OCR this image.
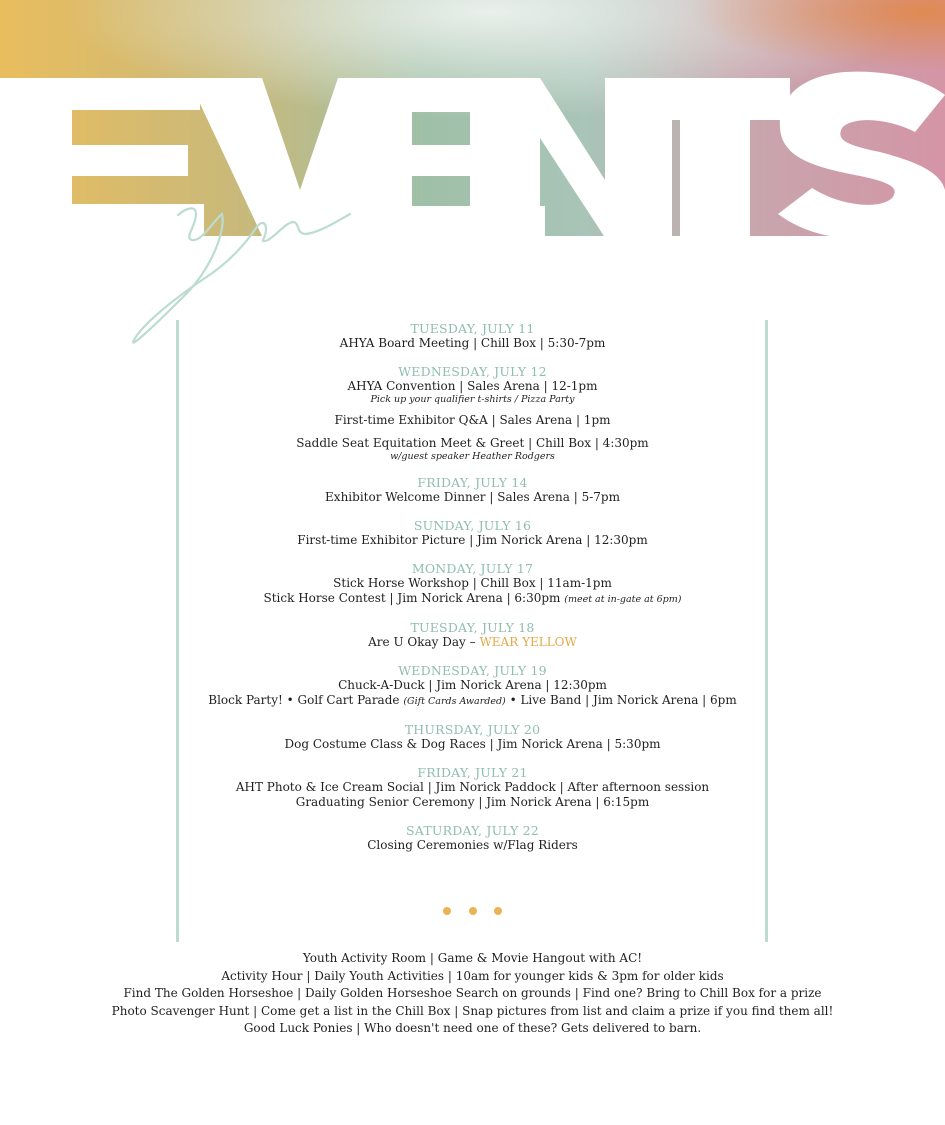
TUESDAY, JULY 11
AHYA Board Meeting | Chill Box | 5:30-7pm
WEDNESDAY, JULY 12
AHYA Convention | Sales Arena | 12-1pm
Pick up your qualifier t-shirts / Pizza Party
First-time Exhibitor Q&A | Sales Arena | 1pm
Saddle Seat Equitation Meet & Greet | Chill Box | 4:30pm
w/guest speaker Heather Rodgers
FRIDAY, JULY 14
Exhibitor Welcome Dinner | Sales Arena | 5-7pm
SUNDAY, JULY 16
First-time Exhibitor Picture | Jim Norick Arena | 12:30pm
MONDAY, JULY 17
Stick Horse Workshop | Chill Box | 11am-1pm
Stick Horse Contest | Jim Norick Arena | 6:30pm (meet at in-gate at 6pm)
TUESDAY, JULY 18
Are U Okay Day – WEAR YELLOW
WEDNESDAY, JULY 19
Chuck-A-Duck | Jim Norick Arena | 12:30pm
Block Party! • Golf Cart Parade (Gift Cards Awarded) • Live Band | Jim Norick Arena | 6pm
THURSDAY, JULY 20
Dog Costume Class & Dog Races | Jim Norick Arena | 5:30pm
FRIDAY, JULY 21
AHT Photo & Ice Cream Social | Jim Norick Paddock | After afternoon session
Graduating Senior Ceremony | Jim Norick Arena | 6:15pm
SATURDAY, JULY 22
Closing Ceremonies w/Flag Riders

Youth Activity Room | Game & Movie Hangout with AC!
Activity Hour | Daily Youth Activities | 10am for younger kids & 3pm for older kids
Find The Golden Horseshoe | Daily Golden Horseshoe Search on grounds | Find one? Bring to Chill Box for a prize
Photo Scavenger Hunt | Come get a list in the Chill Box | Snap pictures from list and claim a prize if you find them all!
Good Luck Ponies | Who doesn't need one of these? Gets delivered to barn.
